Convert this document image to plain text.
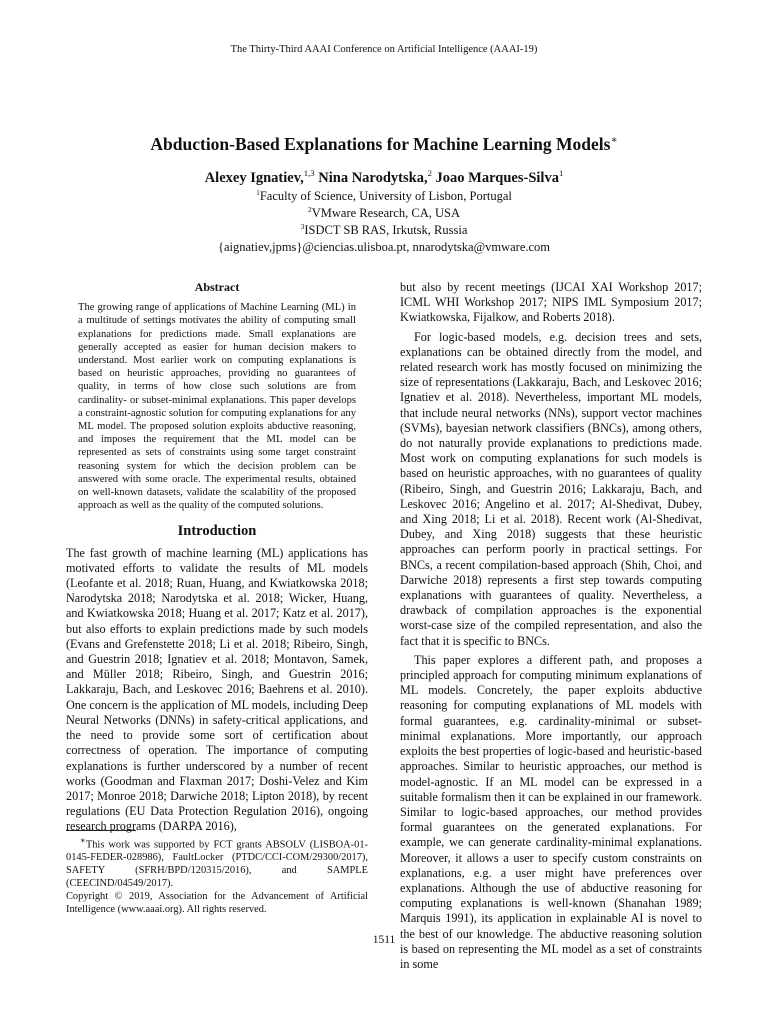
The Thirty-Third AAAI Conference on Artificial Intelligence (AAAI-19)
Abduction-Based Explanations for Machine Learning Models∗
Alexey Ignatiev,$^{1,3}$ Nina Narodytska,$^2$ Joao Marques-Silva$^1$
$^1$Faculty of Science, University of Lisbon, Portugal
$^2$VMware Research, CA, USA
$^3$ISDCT SB RAS, Irkutsk, Russia
{aignatiev,jpms}@ciencias.ulisboa.pt, nnarodytska@vmware.com
Abstract
The growing range of applications of Machine Learning (ML) in a multitude of settings motivates the ability of computing small explanations for predictions made. Small explanations are generally accepted as easier for human decision makers to understand. Most earlier work on computing explanations is based on heuristic approaches, providing no guarantees of quality, in terms of how close such solutions are from cardinality- or subset-minimal explanations. This paper develops a constraint-agnostic solution for computing explanations for any ML model. The proposed solution exploits abductive reasoning, and imposes the requirement that the ML model can be represented as sets of constraints using some target constraint reasoning system for which the decision problem can be answered with some oracle. The experimental results, obtained on well-known datasets, validate the scalability of the proposed approach as well as the quality of the computed solutions.
Introduction

The fast growth of machine learning (ML) applications has motivated efforts to validate the results of ML models (Leofante et al. 2018; Ruan, Huang, and Kwiatkowska 2018; Narodytska 2018; Narodytska et al. 2018; Wicker, Huang, and Kwiatkowska 2018; Huang et al. 2017; Katz et al. 2017), but also efforts to explain predictions made by such models (Evans and Grefenstette 2018; Li et al. 2018; Ribeiro, Singh, and Guestrin 2018; Ignatiev et al. 2018; Montavon, Samek, and Müller 2018; Ribeiro, Singh, and Guestrin 2016; Lakkaraju, Bach, and Leskovec 2016; Baehrens et al. 2010). One concern is the application of ML models, including Deep Neural Networks (DNNs) in safety-critical applications, and the need to provide some sort of certification about correctness of operation. The importance of computing explanations is further underscored by a number of recent works (Goodman and Flaxman 2017; Doshi-Velez and Kim 2017; Monroe 2018; Darwiche 2018; Lipton 2018), by recent regulations (EU Data Protection Regulation 2016), ongoing research programs (DARPA 2016),

but also by recent meetings (IJCAI XAI Workshop 2017; ICML WHI Workshop 2017; NIPS IML Symposium 2017; Kwiatkowska, Fijalkow, and Roberts 2018).

For logic-based models, e.g. decision trees and sets, explanations can be obtained directly from the model, and related research work has mostly focused on minimizing the size of representations (Lakkaraju, Bach, and Leskovec 2016; Ignatiev et al. 2018). Nevertheless, important ML models, that include neural networks (NNs), support vector machines (SVMs), bayesian network classifiers (BNCs), among others, do not naturally provide explanations to predictions made. Most work on computing explanations for such models is based on heuristic approaches, with no guarantees of quality (Ribeiro, Singh, and Guestrin 2016; Lakkaraju, Bach, and Leskovec 2016; Angelino et al. 2017; Al-Shedivat, Dubey, and Xing 2018; Li et al. 2018). Recent work (Al-Shedivat, Dubey, and Xing 2018) suggests that these heuristic approaches can perform poorly in practical settings. For BNCs, a recent compilation-based approach (Shih, Choi, and Darwiche 2018) represents a first step towards computing explanations with guarantees of quality. Nevertheless, a drawback of compilation approaches is the exponential worst-case size of the compiled representation, and also the fact that it is specific to BNCs.

This paper explores a different path, and proposes a principled approach for computing minimum explanations of ML models. Concretely, the paper exploits abductive reasoning for computing explanations of ML models with formal guarantees, e.g. cardinality-minimal or subset-minimal explanations. More importantly, our approach exploits the best properties of logic-based and heuristic-based approaches. Similar to heuristic approaches, our method is model-agnostic. If an ML model can be expressed in a suitable formalism then it can be explained in our framework. Similar to logic-based approaches, our method provides formal guarantees on the generated explanations. For example, we can generate cardinality-minimal explanations. Moreover, it allows a user to specify custom constraints on explanations, e.g. a user might have preferences over explanations. Although the use of abductive reasoning for computing explanations is well-known (Shanahan 1989; Marquis 1991), its application in explainable AI is novel to the best of our knowledge. The abductive reasoning solution is based on representing the ML model as a set of constraints in some

∗This work was supported by FCT grants ABSOLV (LISBOA-01-0145-FEDER-028986), FaultLocker (PTDC/CCI-COM/29300/2017), SAFETY (SFRH/BPD/120315/2016), and SAMPLE (CEECIND/04549/2017).

Copyright © 2019, Association for the Advancement of Artificial Intelligence (www.aaai.org). All rights reserved.

1511
